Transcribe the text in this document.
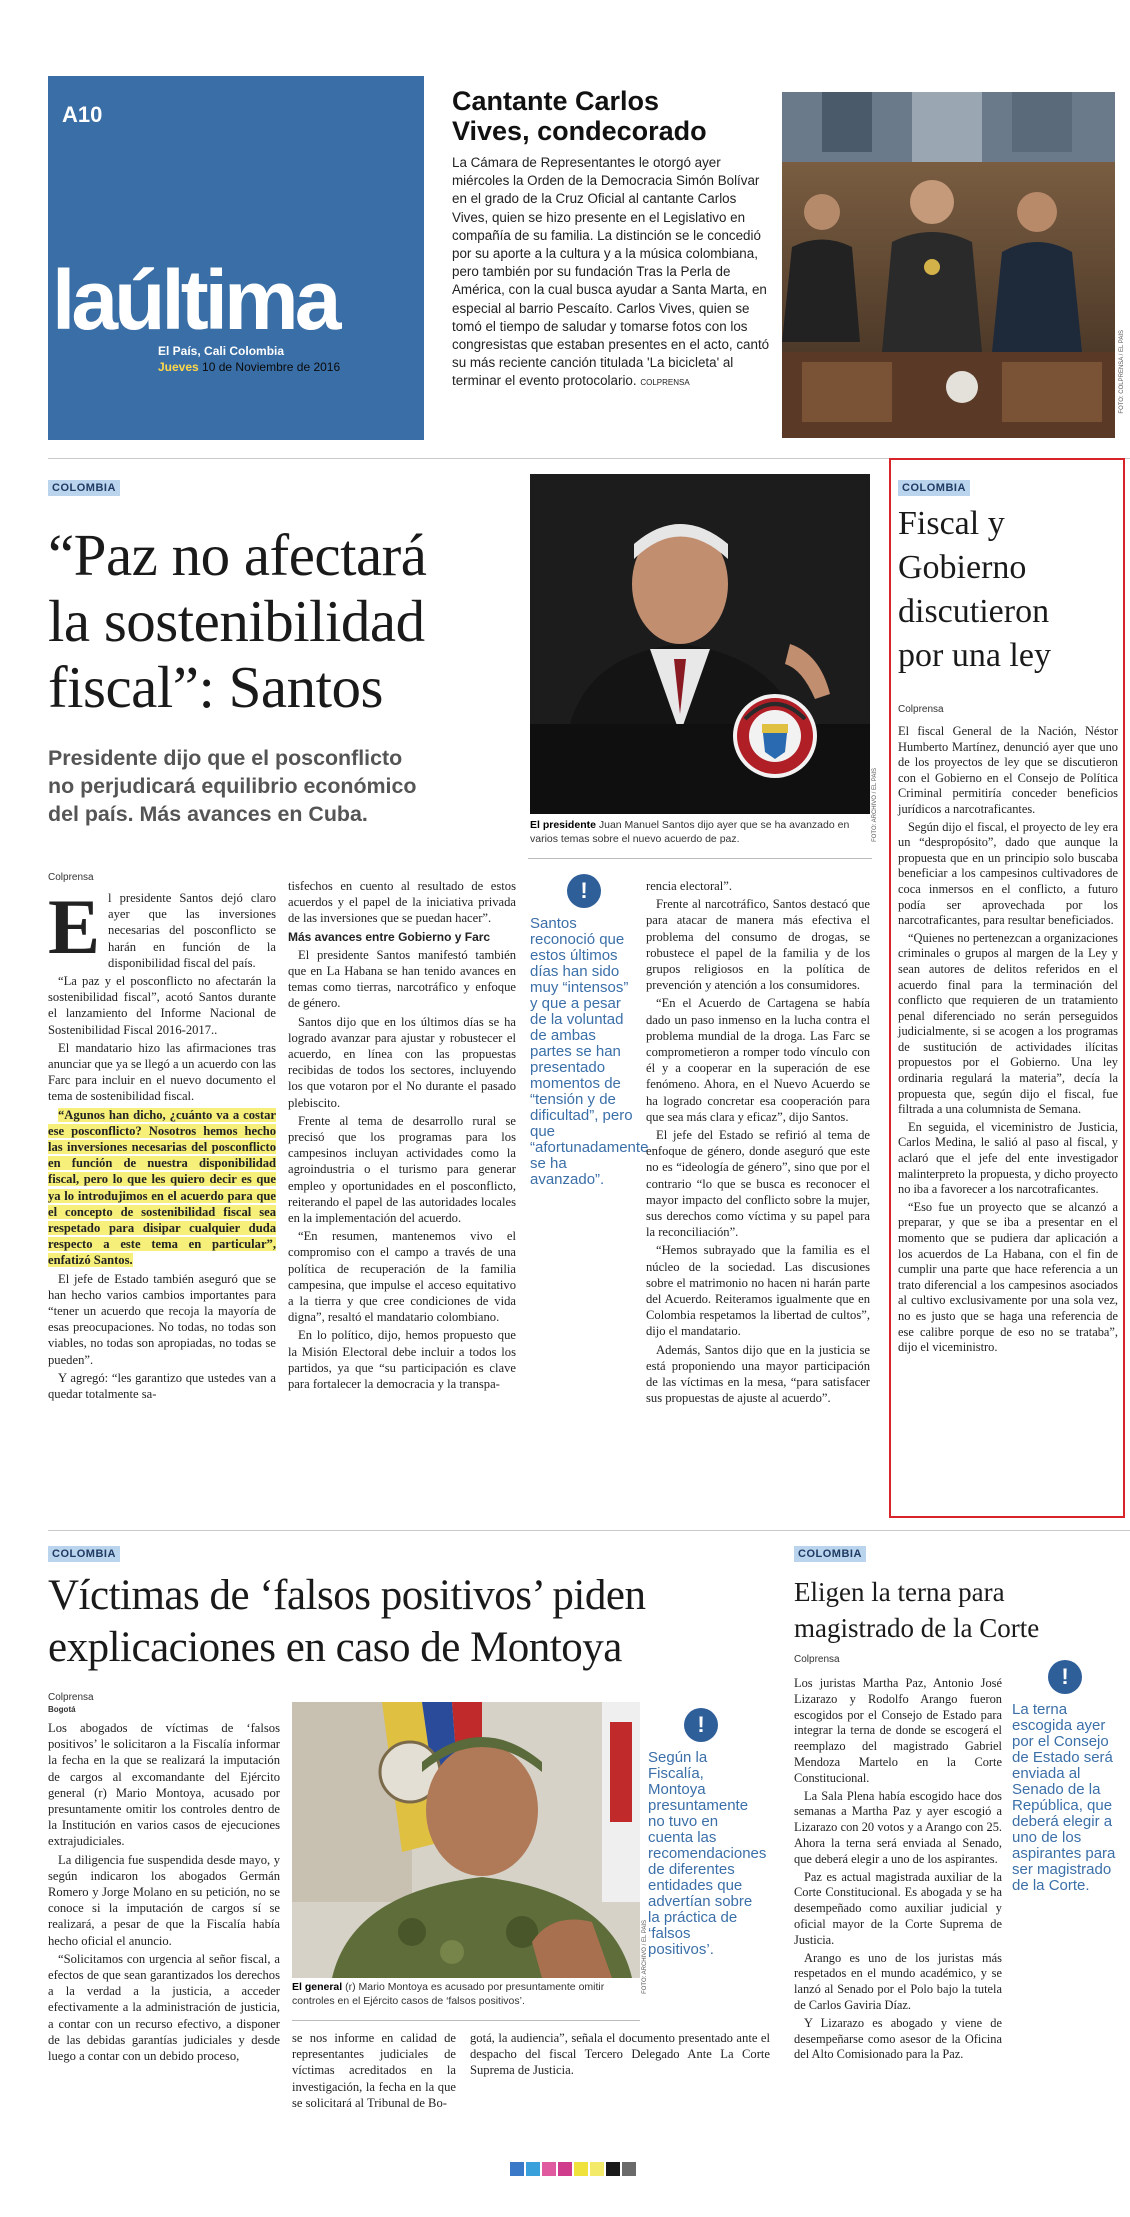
A10
laúltima
El País, Cali Colombia
Jueves 10 de Noviembre de 2016
Cantante Carlos
Vives, condecorado
La Cámara de Representantes le otorgó ayer miércoles la Orden de la Democracia Simón Bolívar en el grado de la Cruz Oficial al cantante Carlos Vives, quien se hizo presente en el Legislativo en compañía de su familia. La distinción se le concedió por su aporte a la cultura y a la música colombiana, pero también por su fundación Tras la Perla de América, con la cual busca ayudar a Santa Marta, en especial al barrio Pescaíto. Carlos Vives, quien se tomó el tiempo de saludar y tomarse fotos con los congresistas que estaban presentes en el acto, cantó su más reciente canción titulada 'La bicicleta' al terminar el evento protocolario. COLPRENSA	FOTO: COLPRENSA / EL PAÍS
COLOMBIA
“Paz no afectará
la sostenibilidad
fiscal”: Santos
Presidente dijo que el posconflicto
no perjudicará equilibrio económico
del país. Más avances en Cuba.	FOTO: ARCHIVO / EL PAÍS
El presidente Juan Manuel Santos dijo ayer que se ha avanzado en varios temas sobre el nuevo acuerdo de paz.
Colprensa
E l presidente Santos dejó claro ayer que las inversiones necesarias del posconflicto se harán en función de la disponibilidad fiscal del país.

“La paz y el posconflicto no afectarán la sostenibilidad fiscal”, acotó Santos durante el lanzamiento del Informe Nacional de Sostenibilidad Fiscal 2016-2017..

El mandatario hizo las afirmaciones tras anunciar que ya se llegó a un acuerdo con las Farc para incluir en el nuevo documento el tema de sostenibilidad fiscal.

“Agunos han dicho, ¿cuánto va a costar ese posconflicto? Nosotros hemos hecho las inversiones necesarias del posconflicto en función de nuestra disponibilidad fiscal, pero lo que les quiero decir es que ya lo introdujimos en el acuerdo para que el concepto de sostenibilidad fiscal sea respetado para disipar cualquier duda respecto a este tema en particular”, enfatizó Santos.

El jefe de Estado también aseguró que se han hecho varios cambios importantes para “tener un acuerdo que recoja la mayoría de esas preocupaciones. No todas, no todas son viables, no todas son apropiadas, no todas se pueden”.

Y agregó: “les garantizo que ustedes van a quedar totalmente sa-

tisfechos en cuento al resultado de estos acuerdos y el papel de la iniciativa privada de las inversiones que se puedan hacer”.

Más avances entre Gobierno y Farc

El presidente Santos manifestó también que en La Habana se han tenido avances en temas como tierras, narcotráfico y enfoque de género.

Santos dijo que en los últimos días se ha logrado avanzar para ajustar y robustecer el acuerdo, en línea con las propuestas recibidas de todos los sectores, incluyendo los que votaron por el No durante el pasado plebiscito.

Frente al tema de desarrollo rural se precisó que los programas para los campesinos incluyan actividades como la agroindustria o el turismo para generar empleo y oportunidades en el posconflicto, reiterando el papel de las autoridades locales en la implementación del acuerdo.

“En resumen, mantenemos vivo el compromiso con el campo a través de una política de recuperación de la familia campesina, que impulse el acceso equitativo a la tierra y que cree condiciones de vida digna”, resaltó el mandatario colombiano.

En lo político, dijo, hemos propuesto que la Misión Electoral debe incluir a todos los partidos, ya que “su participación es clave para fortalecer la democracia y la transpa-

!
Santos reconoció que estos últimos días han sido muy “intensos” y que a pesar de la voluntad de ambas partes se han presentado momentos de “tensión y de dificultad”, pero que “afortunadamente se ha avanzado”.

rencia electoral”.

Frente al narcotráfico, Santos destacó que para atacar de manera más efectiva el problema del consumo de drogas, se robustece el papel de la familia y de los grupos religiosos en la política de prevención y atención a los consumidores.

“En el Acuerdo de Cartagena se había dado un paso inmenso en la lucha contra el problema mundial de la droga. Las Farc se comprometieron a romper todo vínculo con él y a cooperar en la superación de ese fenómeno. Ahora, en el Nuevo Acuerdo se ha logrado concretar esa cooperación para que sea más clara y eficaz”, dijo Santos.

El jefe del Estado se refirió al tema de enfoque de género, donde aseguró que este no es “ideología de género”, sino que por el contrario “lo que se busca es reconocer el mayor impacto del conflicto sobre la mujer, sus derechos como víctima y su papel para la reconciliación”.

“Hemos subrayado que la familia es el núcleo de la sociedad. Las discusiones sobre el matrimonio no hacen ni harán parte del Acuerdo. Reiteramos igualmente que en Colombia respetamos la libertad de cultos”, dijo el mandatario.

Además, Santos dijo que en la justicia se está proponiendo una mayor participación de las víctimas en la mesa, “para satisfacer sus propuestas de ajuste al acuerdo”.

COLOMBIA
Fiscal y
Gobierno
discutieron
por una ley
Colprensa

El fiscal General de la Nación, Néstor Humberto Martínez, denunció ayer que uno de los proyectos de ley que se discutieron con el Gobierno en el Consejo de Política Criminal permitiría conceder beneficios jurídicos a narcotraficantes.

Según dijo el fiscal, el proyecto de ley era un “despropósito”, dado que aunque la propuesta que en un principio solo buscaba beneficiar a los campesinos cultivadores de coca inmersos en el conflicto, a futuro podía ser aprovechada por los narcotraficantes, para resultar beneficiados.

“Quienes no pertenezcan a organizaciones criminales o grupos al margen de la Ley y sean autores de delitos referidos en el acuerdo final para la terminación del conflicto que requieren de un tratamiento penal diferenciado no serán perseguidos judicialmente, si se acogen a los programas de sustitución de actividades ilícitas propuestos por el Gobierno. Una ley ordinaria regulará la materia”, decía la propuesta que, según dijo el fiscal, fue filtrada a una columnista de Semana.

En seguida, el viceministro de Justicia, Carlos Medina, le salió al paso al fiscal, y aclaró que el jefe del ente investigador malinterpreto la propuesta, y dicho proyecto no iba a favorecer a los narcotraficantes.

“Eso fue un proyecto que se alcanzó a preparar, y que se iba a presentar en el momento que se pudiera dar aplicación a los acuerdos de La Habana, con el fin de cumplir una parte que hace referencia a un trato diferencial a los campesinos asociados al cultivo exclusivamente por una sola vez, no es justo que se haga una referencia de ese calibre porque de eso no se trataba”, dijo el viceministro.

COLOMBIA
Víctimas de ‘falsos positivos’ piden
explicaciones en caso de Montoya
Colprensa
Bogotá

Los abogados de víctimas de ‘falsos positivos’ le solicitaron a la Fiscalía informar la fecha en la que se realizará la imputación de cargos al excomandante del Ejército general (r) Mario Montoya, acusado por presuntamente omitir los controles dentro de la Institución en varios casos de ejecuciones extrajudiciales.

La diligencia fue suspendida desde mayo, y según indicaron los abogados Germán Romero y Jorge Molano en su petición, no se conoce si la imputación de cargos sí se realizará, a pesar de que la Fiscalía había hecho oficial el anuncio.

“Solicitamos con urgencia al señor fiscal, a efectos de que sean garantizados los derechos a la verdad a la justicia, a acceder efectivamente a la administración de justicia, a contar con un recurso efectivo, a disponer de las debidas garantías judiciales y desde luego a contar con un debido proceso,

FOTO: ARCHIVO / EL PAÍS
El general (r) Mario Montoya es acusado por presuntamente omitir controles en el Ejército casos de ‘falsos positivos’.
!
Según la Fiscalía, Montoya presuntamente no tuvo en cuenta las recomendaciones de diferentes entidades que advertían sobre la práctica de ‘falsos positivos’.

se nos informe en calidad de representantes judiciales de víctimas acreditados en la investigación, la fecha en la que se solicitará al Tribunal de Bo-

gotá, la audiencia”, señala el documento presentado ante el despacho del fiscal Tercero Delegado Ante La Corte Suprema de Justicia.

COLOMBIA
Eligen la terna para
magistrado de la Corte
Colprensa

Los juristas Martha Paz, Antonio José Lizarazo y Rodolfo Arango fueron escogidos por el Consejo de Estado para integrar la terna de donde se escogerá el reemplazo del magistrado Gabriel Mendoza Martelo en la Corte Constitucional.

La Sala Plena había escogido hace dos semanas a Martha Paz y ayer escogió a Lizarazo con 20 votos y a Arango con 25. Ahora la terna será enviada al Senado, que deberá elegir a uno de los aspirantes.

Paz es actual magistrada auxiliar de la Corte Constitucional. Es abogada y se ha desempeñado como auxiliar judicial y oficial mayor de la Corte Suprema de Justicia.

Arango es uno de los juristas más respetados en el mundo académico, y se lanzó al Senado por el Polo bajo la tutela de Carlos Gaviria Díaz.

Y Lizarazo es abogado y viene de desempeñarse como asesor de la Oficina del Alto Comisionado para la Paz.

!
La terna escogida ayer por el Consejo de Estado será enviada al Senado de la República, que deberá elegir a uno de los aspirantes para ser magistrado de la Corte.
